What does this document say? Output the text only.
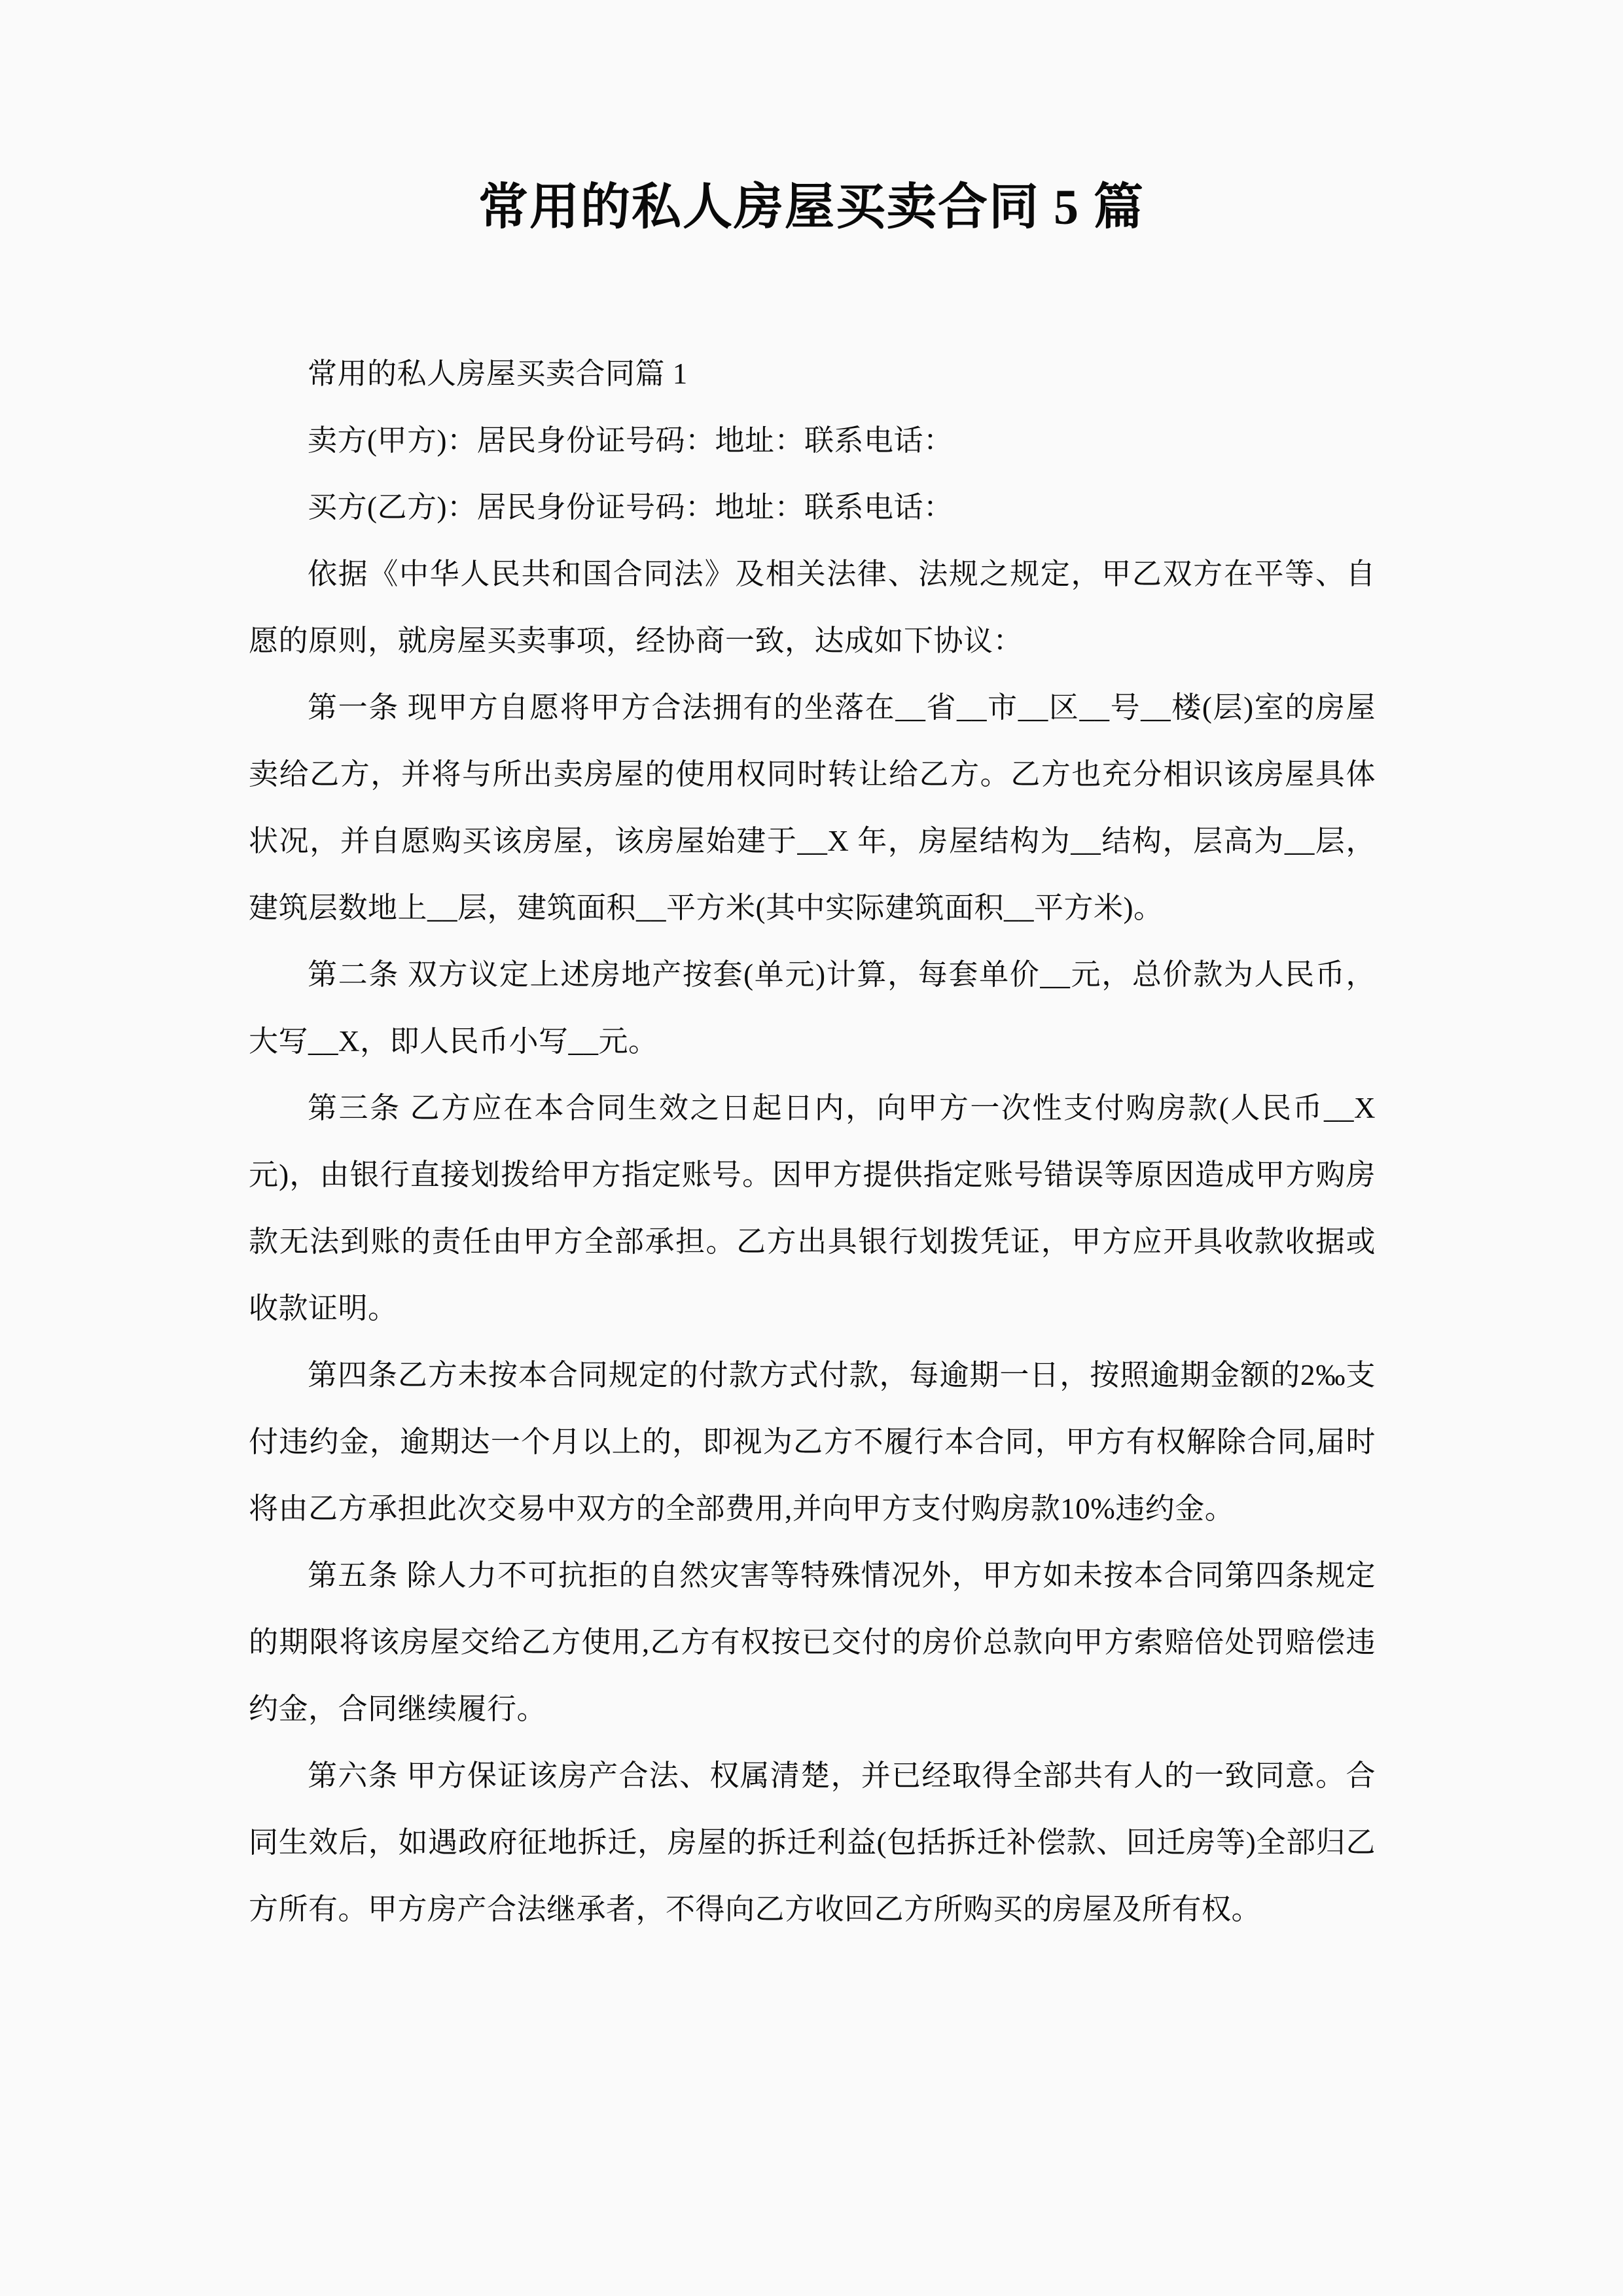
常用的私人房屋买卖合同 5 篇

常用的私人房屋买卖合同篇 1

卖方(甲方)：居民身份证号码：地址：联系电话：

买方(乙方)：居民身份证号码：地址：联系电话：

依据《中华人民共和国合同法》及相关法律、法规之规定，甲乙双方在平等、自愿的原则，就房屋买卖事项，经协商一致，达成如下协议：

第一条 现甲方自愿将甲方合法拥有的坐落在__省__市__区__号__楼(层)室的房屋卖给乙方，并将与所出卖房屋的使用权同时转让给乙方。乙方也充分相识该房屋具体状况，并自愿购买该房屋，该房屋始建于__X 年，房屋结构为__结构，层高为__层，建筑层数地上__层，建筑面积__平方米(其中实际建筑面积__平方米)。

第二条 双方议定上述房地产按套(单元)计算，每套单价__元，总价款为人民币，大写__X，即人民币小写__元。

第三条 乙方应在本合同生效之日起日内，向甲方一次性支付购房款(人民币__X 元)，由银行直接划拨给甲方指定账号。因甲方提供指定账号错误等原因造成甲方购房款无法到账的责任由甲方全部承担。乙方出具银行划拨凭证，甲方应开具收款收据或收款证明。

第四条乙方未按本合同规定的付款方式付款，每逾期一日，按照逾期金额的2‰支付违约金，逾期达一个月以上的，即视为乙方不履行本合同，甲方有权解除合同,届时将由乙方承担此次交易中双方的全部费用,并向甲方支付购房款10%违约金。

第五条 除人力不可抗拒的自然灾害等特殊情况外，甲方如未按本合同第四条规定的期限将该房屋交给乙方使用,乙方有权按已交付的房价总款向甲方索赔倍处罚赔偿违约金，合同继续履行。

第六条 甲方保证该房产合法、权属清楚，并已经取得全部共有人的一致同意。合同生效后，如遇政府征地拆迁，房屋的拆迁利益(包括拆迁补偿款、回迁房等)全部归乙方所有。甲方房产合法继承者，不得向乙方收回乙方所购买的房屋及所有权。
